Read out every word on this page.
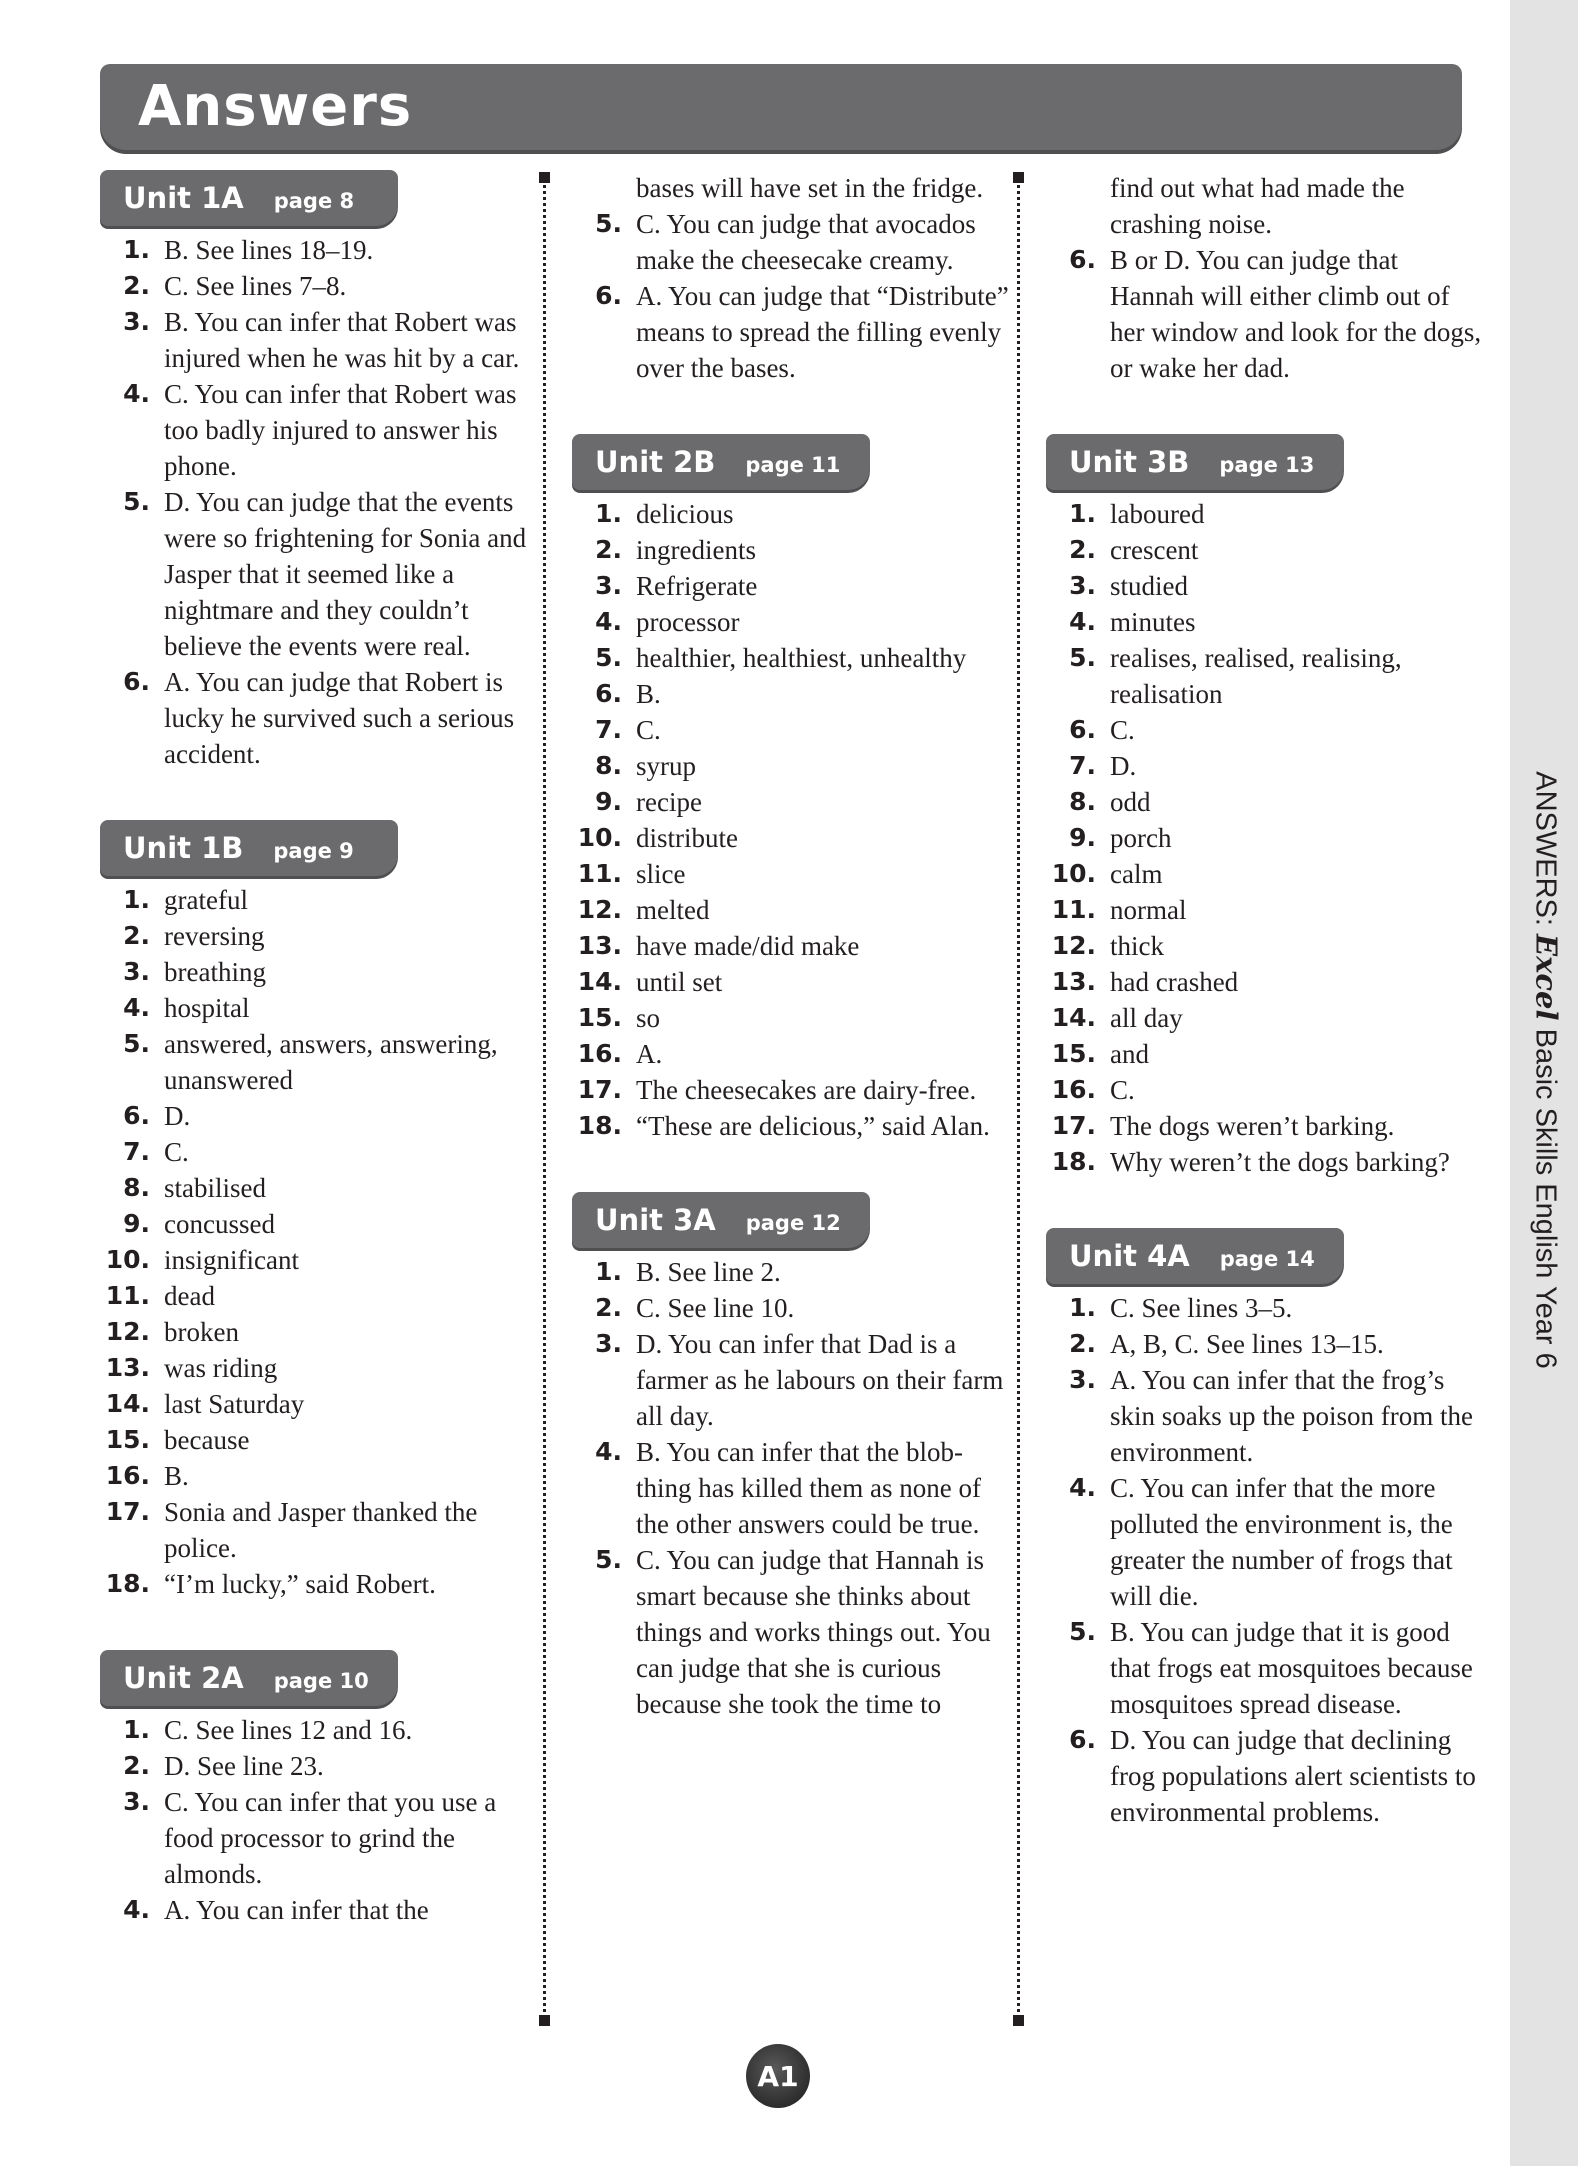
ANSWERS: Excel Basic Skills English Year 6
Answers
Unit 1A page 8
1. B. See lines 18–19.
2. C. See lines 7–8.
3. B. You can infer that Robert was injured when he was hit by a car.
4. C. You can infer that Robert was too badly injured to answer his phone.
5. D. You can judge that the events were so frightening for Sonia and Jasper that it seemed like a nightmare and they couldn’t believe the events were real.
6. A. You can judge that Robert is lucky he survived such a serious accident.
Unit 1B page 9
1. grateful
2. reversing
3. breathing
4. hospital
5. answered, answers, answering, unanswered
6. D.
7. C.
8. stabilised
9. concussed
10. insignificant
11. dead
12. broken
13. was riding
14. last Saturday
15. because
16. B.
17. Sonia and Jasper thanked the police.
18. “I’m lucky,” said Robert.
Unit 2A page 10
1. C. See lines 12 and 16.
2. D. See line 23.
3. C. You can infer that you use a food processor to grind the almonds.
4. A. You can infer that the
bases will have set in the fridge.
5. C. You can judge that avocados make the cheesecake creamy.
6. A. You can judge that “Distribute” means to spread the filling evenly over the bases.
Unit 2B page 11
1. delicious
2. ingredients
3. Refrigerate
4. processor
5. healthier, healthiest, unhealthy
6. B.
7. C.
8. syrup
9. recipe
10. distribute
11. slice
12. melted
13. have made/did make
14. until set
15. so
16. A.
17. The cheesecakes are dairy-free.
18. “These are delicious,” said Alan.
Unit 3A page 12
1. B. See line 2.
2. C. See line 10.
3. D. You can infer that Dad is a farmer as he labours on their farm all day.
4. B. You can infer that the blob-thing has killed them as none of the other answers could be true.
5. C. You can judge that Hannah is smart because she thinks about things and works things out. You can judge that she is curious because she took the time to
find out what had made the crashing noise.
6. B or D. You can judge that Hannah will either climb out of her window and look for the dogs, or wake her dad.
Unit 3B page 13
1. laboured
2. crescent
3. studied
4. minutes
5. realises, realised, realising, realisation
6. C.
7. D.
8. odd
9. porch
10. calm
11. normal
12. thick
13. had crashed
14. all day
15. and
16. C.
17. The dogs weren’t barking.
18. Why weren’t the dogs barking?
Unit 4A page 14
1. C. See lines 3–5.
2. A, B, C. See lines 13–15.
3. A. You can infer that the frog’s skin soaks up the poison from the environment.
4. C. You can infer that the more polluted the environment is, the greater the number of frogs that will die.
5. B. You can judge that it is good that frogs eat mosquitoes because mosquitoes spread disease.
6. D. You can judge that declining frog populations alert scientists to environmental problems.
A1
